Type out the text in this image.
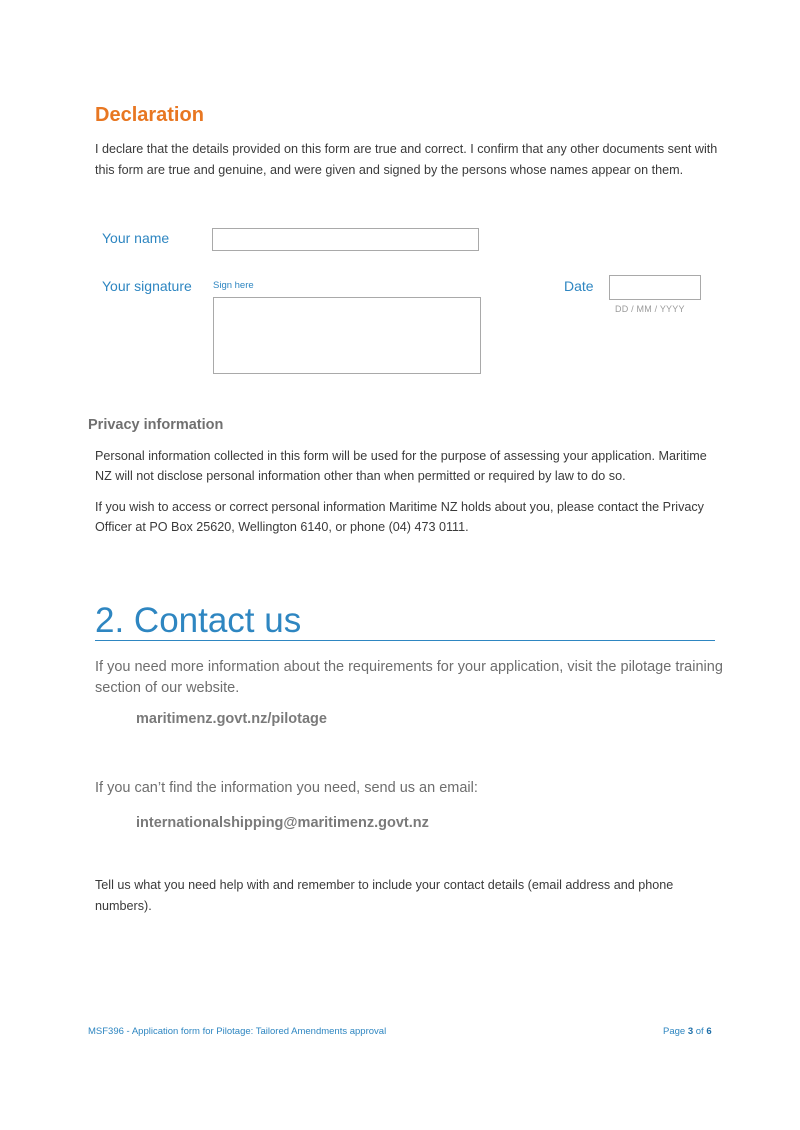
Declaration

I declare that the details provided on this form are true and correct. I confirm that any other documents sent with this form are true and genuine, and were given and signed by the persons whose names appear on them.

Your name
Your signature Sign here	Date
DD / MM / YYYY
Privacy information

Personal information collected in this form will be used for the purpose of assessing your application. Maritime NZ will not disclose personal information other than when permitted or required by law to do so.

If you wish to access or correct personal information Maritime NZ holds about you, please contact the Privacy Officer at PO Box 25620, Wellington 6140, or phone (04) 473 0111.

2. Contact us

If you need more information about the requirements for your application, visit the pilotage training section of our website.

maritimenz.govt.nz/pilotage

If you can’t find the information you need, send us an email:

internationalshipping@maritimenz.govt.nz

Tell us what you need help with and remember to include your contact details (email address and phone numbers).

MSF396 - Application form for Pilotage: Tailored Amendments approval	Page 3 of 6
